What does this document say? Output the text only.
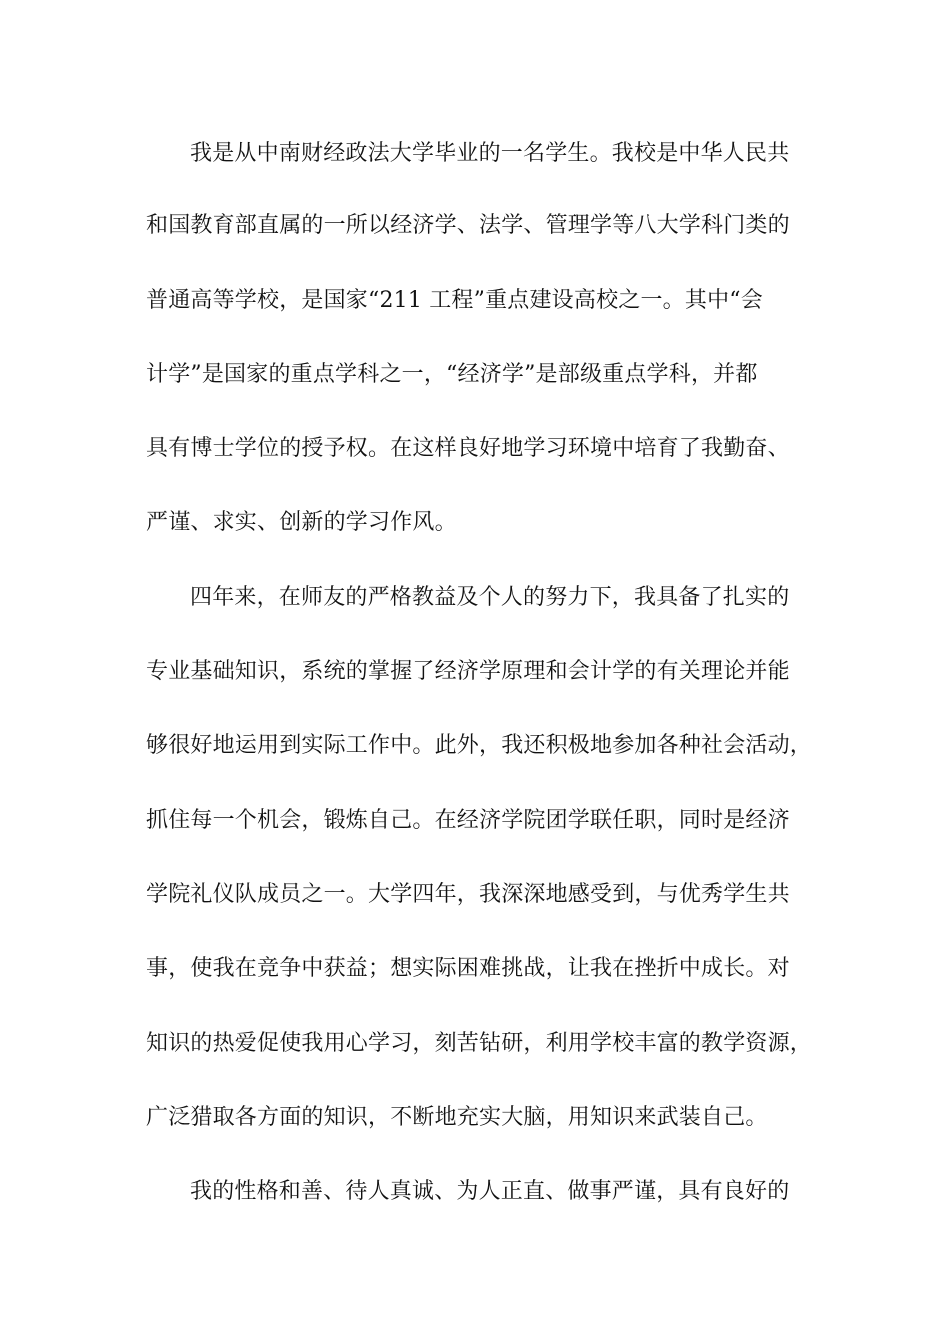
我是从中南财经政法大学毕业的一名学生。我校是中华人民共
和国教育部直属的一所以经济学、法学、管理学等八大学科门类的
普通高等学校，是国家“211 工程”重点建设高校之一。其中“会
计学”是国家的重点学科之一，“经济学”是部级重点学科，并都
具有博士学位的授予权。在这样良好地学习环境中培育了我勤奋、
严谨、求实、创新的学习作风。
四年来，在师友的严格教益及个人的努力下，我具备了扎实的
专业基础知识，系统的掌握了经济学原理和会计学的有关理论并能
够很好地运用到实际工作中。此外，我还积极地参加各种社会活动，
抓住每一个机会，锻炼自己。在经济学院团学联任职，同时是经济
学院礼仪队成员之一。大学四年，我深深地感受到，与优秀学生共
事，使我在竞争中获益；想实际困难挑战，让我在挫折中成长。对
知识的热爱促使我用心学习，刻苦钻研，利用学校丰富的教学资源，
广泛猎取各方面的知识，不断地充实大脑，用知识来武装自己。
我的性格和善、待人真诚、为人正直、做事严谨，具有良好的
